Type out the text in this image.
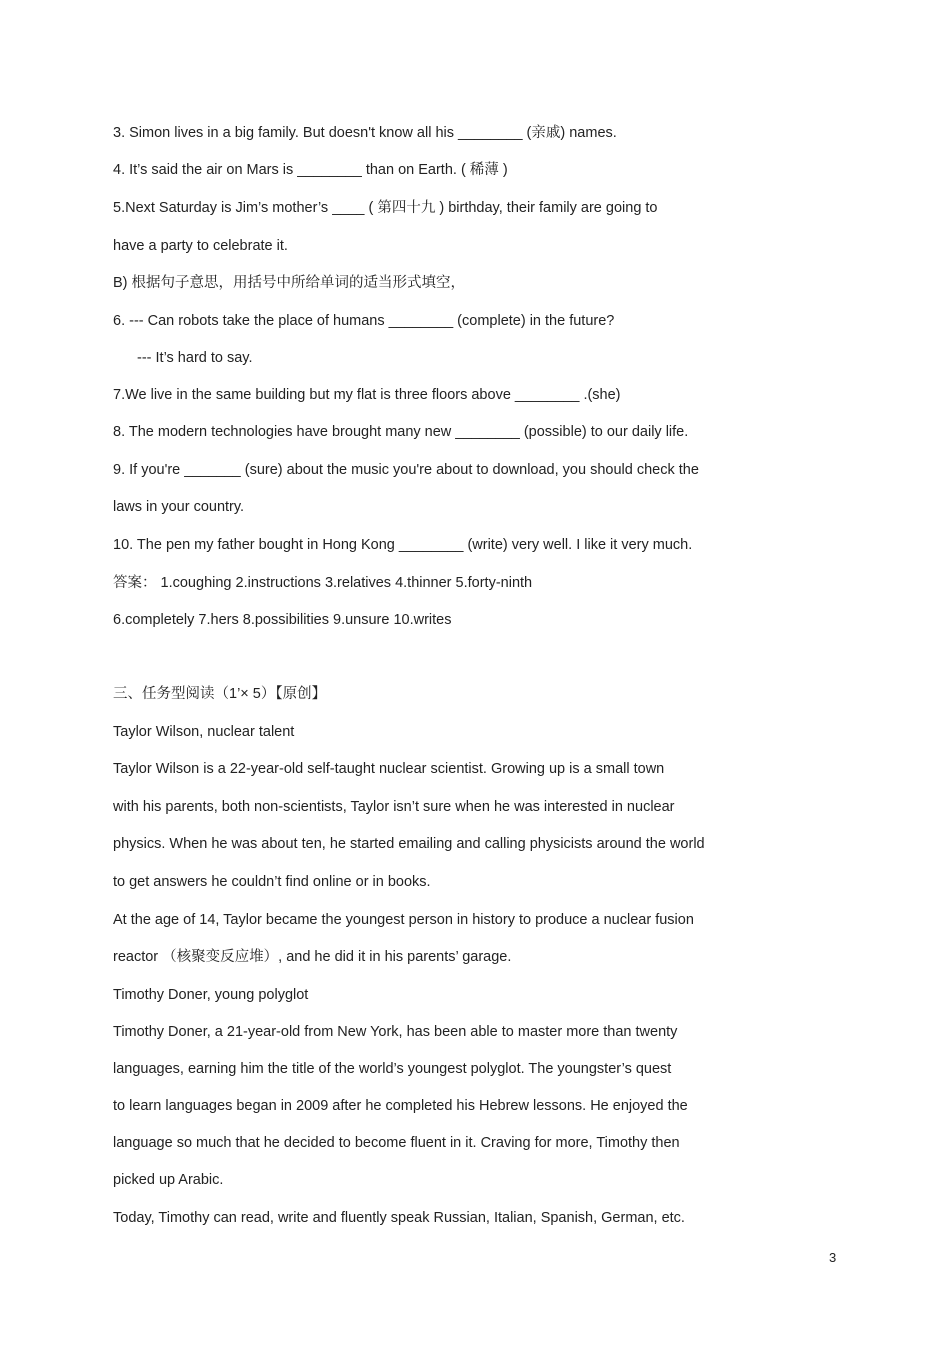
3. Simon lives in a big family. But doesn't know all his ________ (亲戚) names.
4. It’s said the air on Mars is ________ than on Earth. ( 稀薄 )
5.Next Saturday is Jim’s mother’s ____ ( 第四十九 ) birthday, their family are going to
have a party to celebrate it.
B) 根据句子意思，用括号中所给单词的适当形式填空，
6. --- Can robots take the place of humans ________ (complete) in the future?
--- It’s hard to say.
7.We live in the same building but my flat is three floors above ________ .(she)
8. The modern technologies have brought many new ________ (possible) to our daily life.
9. If you're _______ (sure) about the music you're about to download, you should check the
laws in your country.
10. The pen my father bought in Hong Kong ________ (write) very well. I like it very much.
答案： 1.coughing 2.instructions 3.relatives 4.thinner 5.forty-ninth
6.completely 7.hers 8.possibilities 9.unsure 10.writes
三、任务型阅读（1’× 5）【原创】
Taylor Wilson, nuclear talent
Taylor Wilson is a 22-year-old self-taught nuclear scientist. Growing up is a small town
with his parents, both non-scientists, Taylor isn’t sure when he was interested in nuclear
physics. When he was about ten, he started emailing and calling physicists around the world
to get answers he couldn’t find online or in books.
At the age of 14, Taylor became the youngest person in history to produce a nuclear fusion
reactor （核聚变反应堆）, and he did it in his parents’ garage.
Timothy Doner, young polyglot
Timothy Doner, a 21-year-old from New York, has been able to master more than twenty
languages, earning him the title of the world’s youngest polyglot. The youngster’s quest
to learn languages began in 2009 after he completed his Hebrew lessons. He enjoyed the
language so much that he decided to become fluent in it. Craving for more, Timothy then
picked up Arabic.
Today, Timothy can read, write and fluently speak Russian, Italian, Spanish, German, etc.
3
